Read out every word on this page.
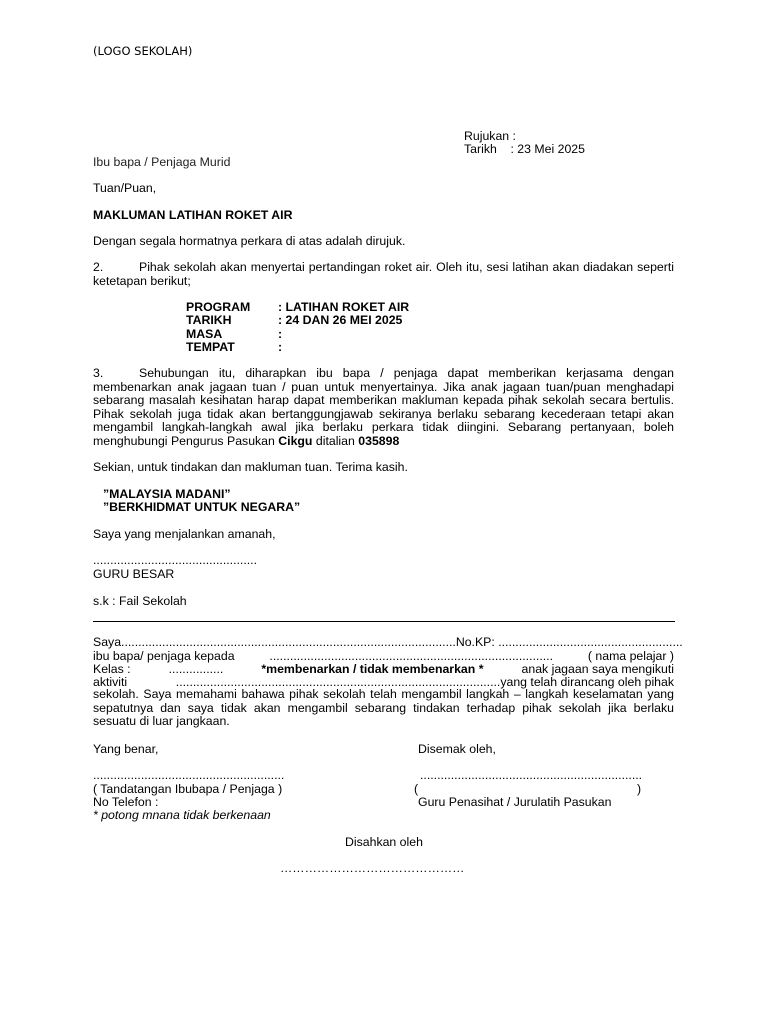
(LOGO SEKOLAH)
Rujukan :
Tarikh    : 23 Mei 2025
Ibu bapa / Penjaga Murid
Tuan/Puan,
MAKLUMAN LATIHAN ROKET AIR
Dengan segala hormatnya perkara di atas adalah dirujuk.
2.	Pihak sekolah akan menyertai pertandingan roket air. Oleh itu, sesi latihan akan diadakan seperti ketetapan berikut;
PROGRAM	: LATIHAN ROKET AIR
TARIKH	: 24 DAN 26 MEI 2025
MASA	:
TEMPAT	:
3.	Sehubungan itu, diharapkan ibu bapa / penjaga dapat memberikan kerjasama dengan membenarkan anak jagaan tuan / puan untuk menyertainya. Jika anak jagaan tuan/puan menghadapi sebarang masalah kesihatan harap dapat memberikan makluman kepada pihak sekolah secara bertulis. Pihak sekolah juga tidak akan bertanggungjawab sekiranya berlaku sebarang kecederaan tetapi akan mengambil langkah-langkah awal jika berlaku perkara tidak diingini. Sebarang pertanyaan, boleh menghubungi Pengurus Pasukan Cikgu ditalian 035898
Sekian, untuk tindakan dan makluman tuan. Terima kasih.
”MALAYSIA MADANI”
”BERKHIDMAT UNTUK NEGARA”
Saya yang menjalankan amanah,
................................................
GURU BESAR
s.k : Fail Sekolah
Saya..................................................................................................No.KP: ......................................................
ibu bapa/ penjaga kepada	...................................................................................	( nama pelajar )
Kelas :	................	*membenarkan / tidak membenarkan *	anak jagaan saya mengikuti
aktiviti	...............................................................................................yang telah dirancang oleh pihak
sekolah. Saya memahami bahawa pihak sekolah telah mengambil langkah – langkah keselamatan yang sepatutnya dan saya tidak akan mengambil sebarang tindakan terhadap pihak sekolah jika berlaku sesuatu di luar jangkaan.
Yang benar,	Disemak oleh,
........................................................	.................................................................
( Tandatangan Ibubapa / Penjaga )	(	)
No Telefon :	Guru Penasihat / Jurulatih Pasukan
* potong mnana tidak berkenaan
Disahkan oleh
………………………………………
